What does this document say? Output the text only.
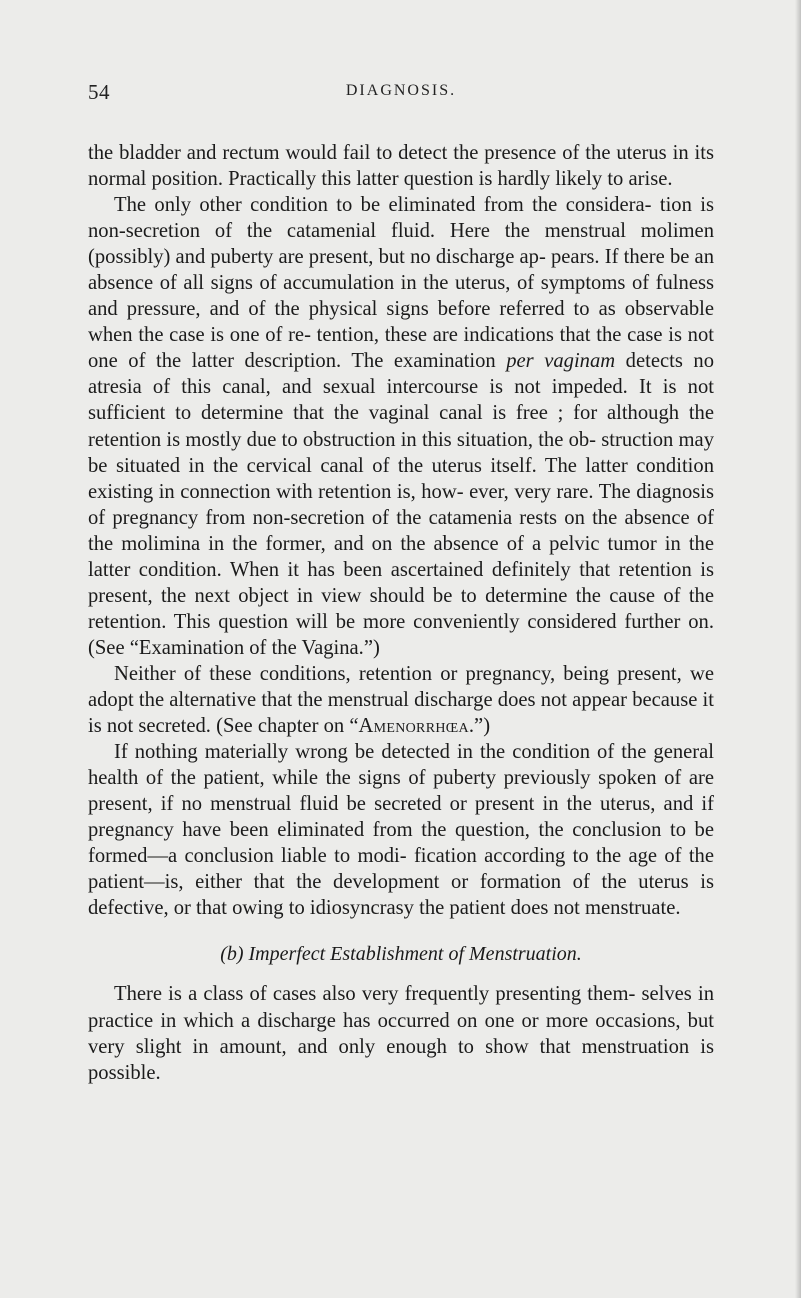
54	DIAGNOSIS.

the bladder and rectum would fail to detect the presence of the uterus in its normal position. Practically this latter question is hardly likely to arise.

The only other condition to be eliminated from the considera- tion is non-secretion of the catamenial fluid. Here the menstrual molimen (possibly) and puberty are present, but no discharge ap- pears. If there be an absence of all signs of accumulation in the uterus, of symptoms of fulness and pressure, and of the physical signs before referred to as observable when the case is one of re- tention, these are indications that the case is not one of the latter description. The examination per vaginam detects no atresia of this canal, and sexual intercourse is not impeded. It is not sufficient to determine that the vaginal canal is free ; for although the retention is mostly due to obstruction in this situation, the ob- struction may be situated in the cervical canal of the uterus itself. The latter condition existing in connection with retention is, how- ever, very rare. The diagnosis of pregnancy from non-secretion of the catamenia rests on the absence of the molimina in the former, and on the absence of a pelvic tumor in the latter condition. When it has been ascertained definitely that retention is present, the next object in view should be to determine the cause of the retention. This question will be more conveniently considered further on. (See “Examination of the Vagina.”)

Neither of these conditions, retention or pregnancy, being present, we adopt the alternative that the menstrual discharge does not appear because it is not secreted. (See chapter on “Amenorrhœa.”)

If nothing materially wrong be detected in the condition of the general health of the patient, while the signs of puberty previously spoken of are present, if no menstrual fluid be secreted or present in the uterus, and if pregnancy have been eliminated from the question, the conclusion to be formed—a conclusion liable to modi- fication according to the age of the patient—is, either that the development or formation of the uterus is defective, or that owing to idiosyncrasy the patient does not menstruate.

(b) Imperfect Establishment of Menstruation.

There is a class of cases also very frequently presenting them- selves in practice in which a discharge has occurred on one or more occasions, but very slight in amount, and only enough to show that menstruation is possible.
